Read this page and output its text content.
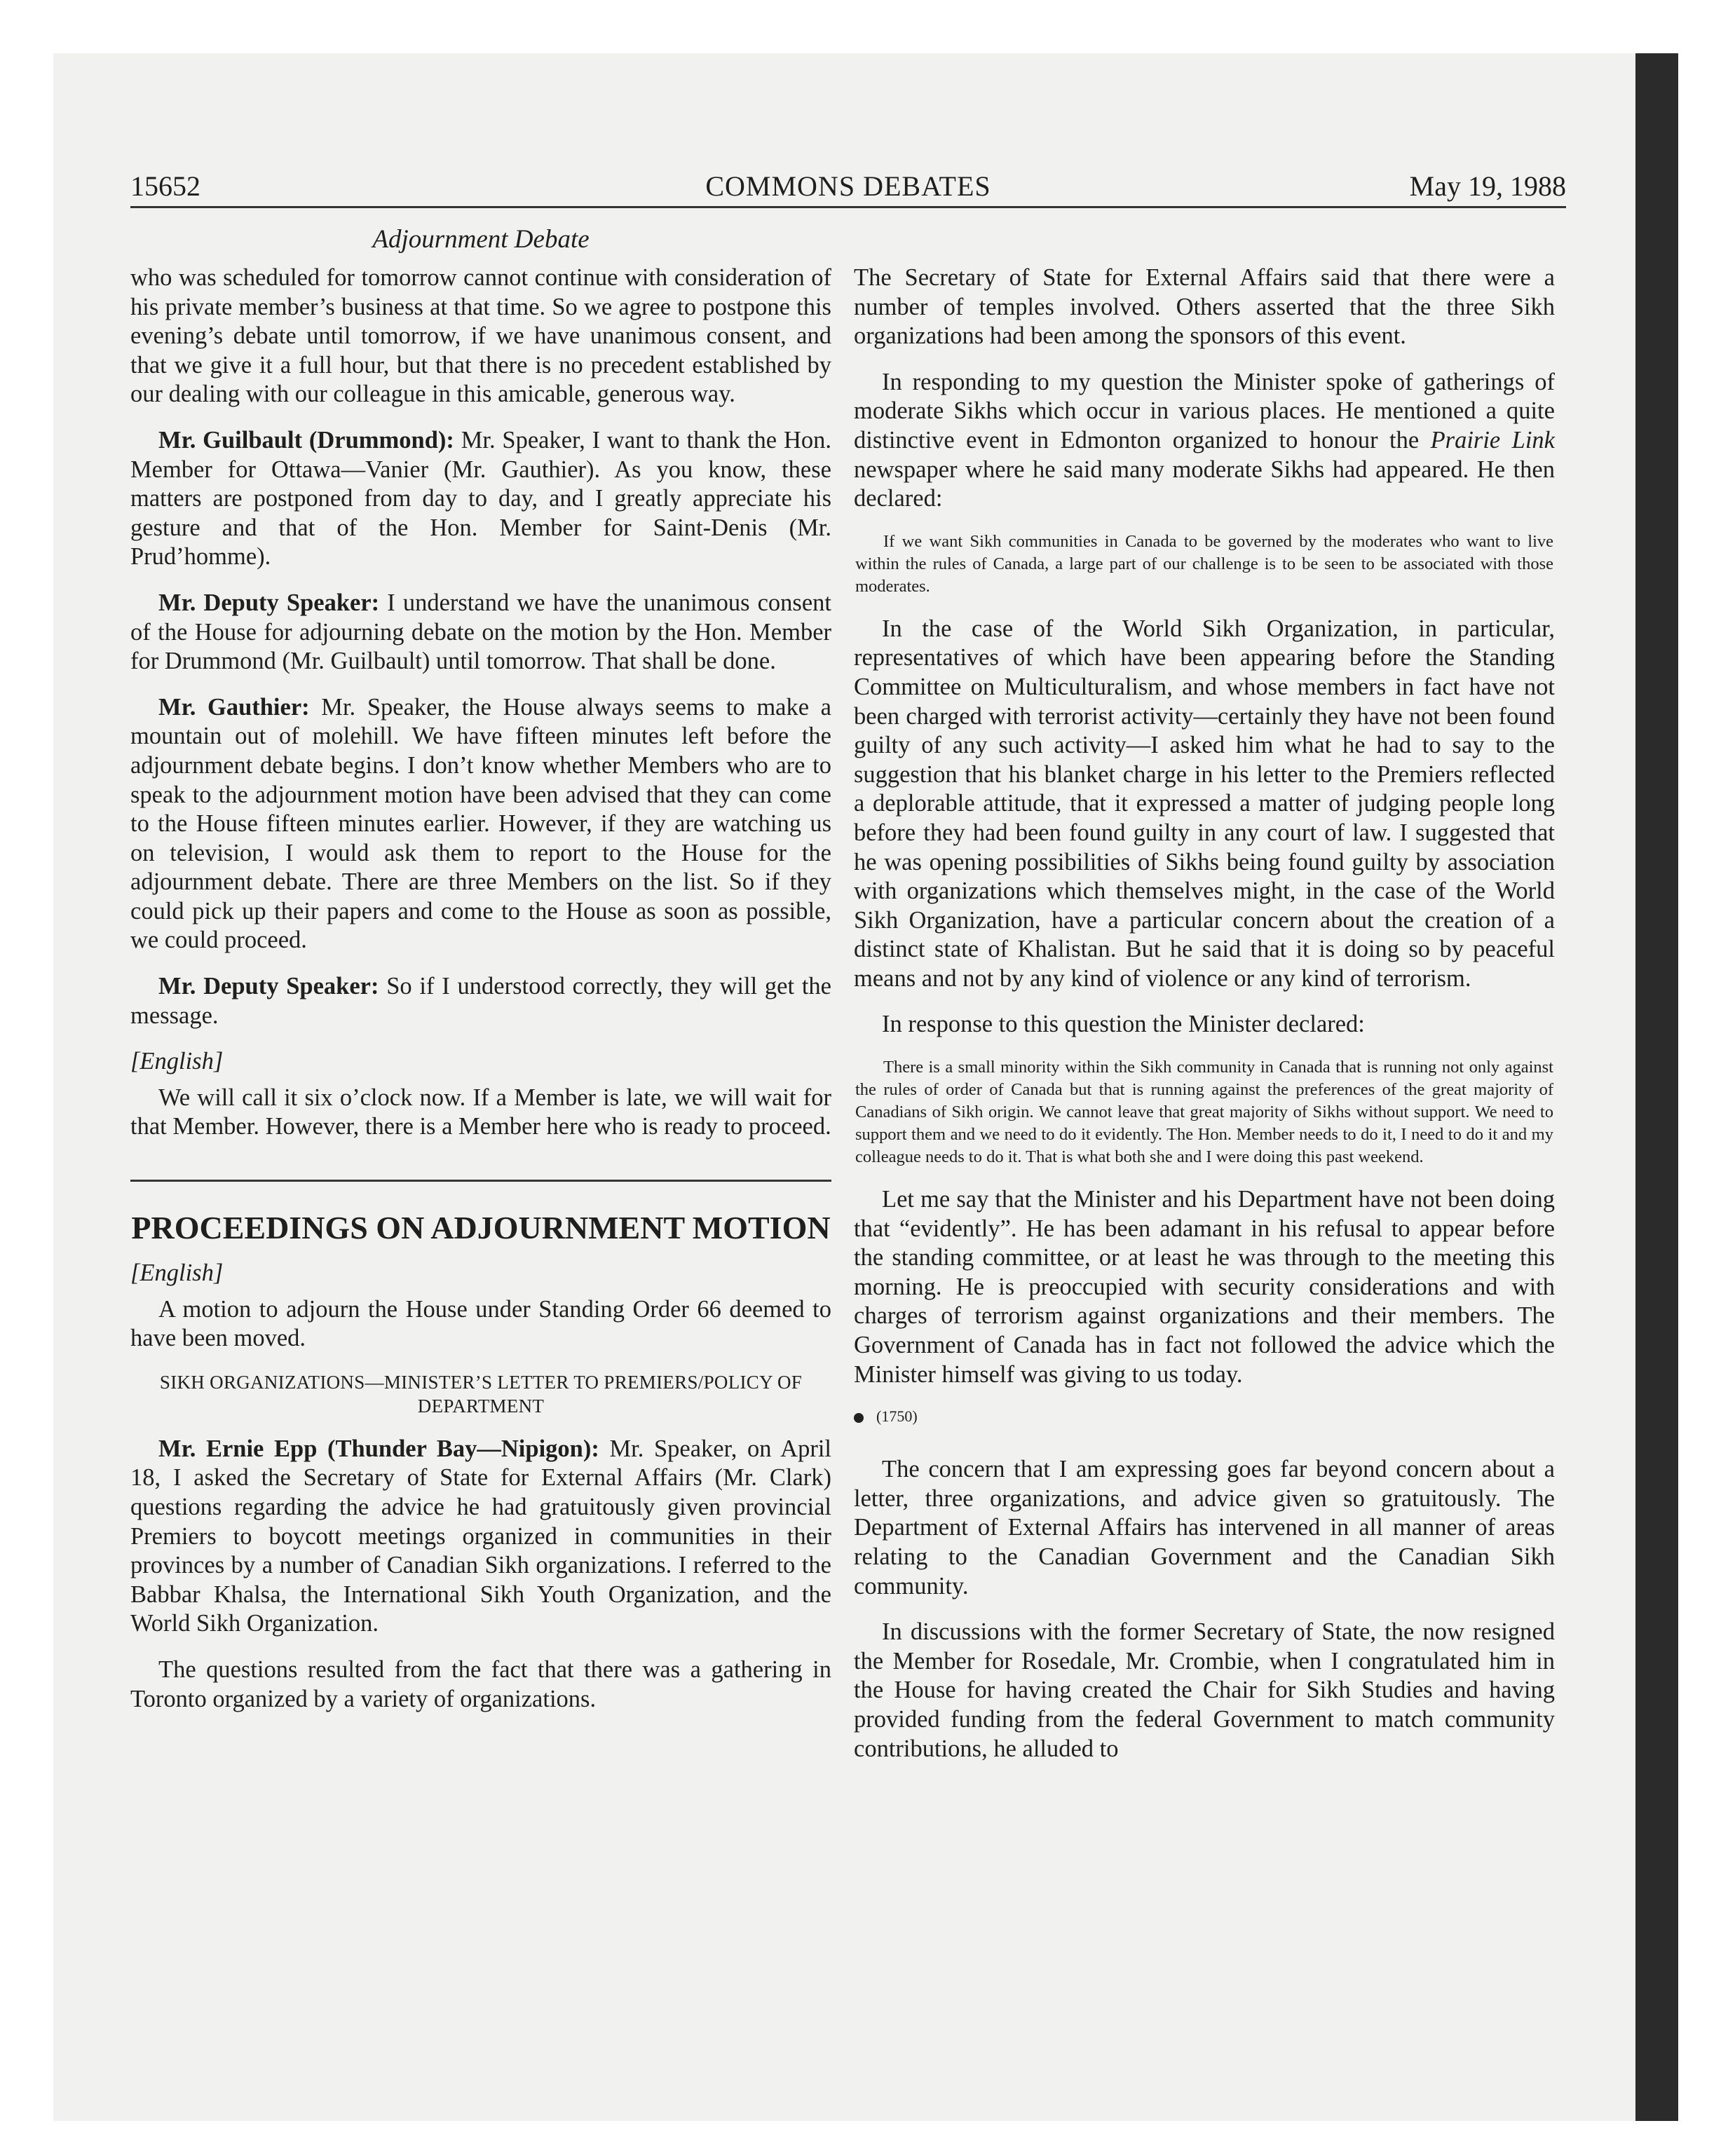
15652	COMMONS DEBATES	May 19, 1988
Adjournment Debate

who was scheduled for tomorrow cannot continue with consideration of his private member’s business at that time. So we agree to postpone this evening’s debate until tomorrow, if we have unanimous consent, and that we give it a full hour, but that there is no precedent established by our dealing with our colleague in this amicable, generous way.

Mr. Guilbault (Drummond): Mr. Speaker, I want to thank the Hon. Member for Ottawa—Vanier (Mr. Gauthier). As you know, these matters are postponed from day to day, and I greatly appreciate his gesture and that of the Hon. Member for Saint-Denis (Mr. Prud’homme).

Mr. Deputy Speaker: I understand we have the unanimous consent of the House for adjourning debate on the motion by the Hon. Member for Drummond (Mr. Guilbault) until tomorrow. That shall be done.

Mr. Gauthier: Mr. Speaker, the House always seems to make a mountain out of molehill. We have fifteen minutes left before the adjournment debate begins. I don’t know whether Members who are to speak to the adjournment motion have been advised that they can come to the House fifteen minutes earlier. However, if they are watching us on television, I would ask them to report to the House for the adjournment debate. There are three Members on the list. So if they could pick up their papers and come to the House as soon as possible, we could proceed.

Mr. Deputy Speaker: So if I understood correctly, they will get the message.

[English]

We will call it six o’clock now. If a Member is late, we will wait for that Member. However, there is a Member here who is ready to proceed.

PROCEEDINGS ON ADJOURNMENT MOTION

[English]

A motion to adjourn the House under Standing Order 66 deemed to have been moved.

SIKH ORGANIZATIONS—MINISTER’S LETTER TO PREMIERS/POLICY OF DEPARTMENT

Mr. Ernie Epp (Thunder Bay—Nipigon): Mr. Speaker, on April 18, I asked the Secretary of State for External Affairs (Mr. Clark) questions regarding the advice he had gratuitously given provincial Premiers to boycott meetings organized in communities in their provinces by a number of Canadian Sikh organizations. I referred to the Babbar Khalsa, the International Sikh Youth Organization, and the World Sikh Organization.

The questions resulted from the fact that there was a gathering in Toronto organized by a variety of organizations.

The Secretary of State for External Affairs said that there were a number of temples involved. Others asserted that the three Sikh organizations had been among the sponsors of this event.

In responding to my question the Minister spoke of gatherings of moderate Sikhs which occur in various places. He mentioned a quite distinctive event in Edmonton organized to honour the Prairie Link newspaper where he said many moderate Sikhs had appeared. He then declared:

If we want Sikh communities in Canada to be governed by the moderates who want to live within the rules of Canada, a large part of our challenge is to be seen to be associated with those moderates.

In the case of the World Sikh Organization, in particular, representatives of which have been appearing before the Standing Committee on Multiculturalism, and whose members in fact have not been charged with terrorist activity—certainly they have not been found guilty of any such activity—I asked him what he had to say to the suggestion that his blanket charge in his letter to the Premiers reflected a deplorable attitude, that it expressed a matter of judging people long before they had been found guilty in any court of law. I suggested that he was opening possibilities of Sikhs being found guilty by association with organizations which themselves might, in the case of the World Sikh Organization, have a particular concern about the creation of a distinct state of Khalistan. But he said that it is doing so by peaceful means and not by any kind of violence or any kind of terrorism.

In response to this question the Minister declared:

There is a small minority within the Sikh community in Canada that is running not only against the rules of order of Canada but that is running against the preferences of the great majority of Canadians of Sikh origin. We cannot leave that great majority of Sikhs without support. We need to support them and we need to do it evidently. The Hon. Member needs to do it, I need to do it and my colleague needs to do it. That is what both she and I were doing this past weekend.

Let me say that the Minister and his Department have not been doing that “evidently”. He has been adamant in his refusal to appear before the standing committee, or at least he was through to the meeting this morning. He is preoccupied with security considerations and with charges of terrorism against organizations and their members. The Government of Canada has in fact not followed the advice which the Minister himself was giving to us today.

(1750)

The concern that I am expressing goes far beyond concern about a letter, three organizations, and advice given so gratuitously. The Department of External Affairs has intervened in all manner of areas relating to the Canadian Government and the Canadian Sikh community.

In discussions with the former Secretary of State, the now resigned the Member for Rosedale, Mr. Crombie, when I congratulated him in the House for having created the Chair for Sikh Studies and having provided funding from the federal Government to match community contributions, he alluded to
